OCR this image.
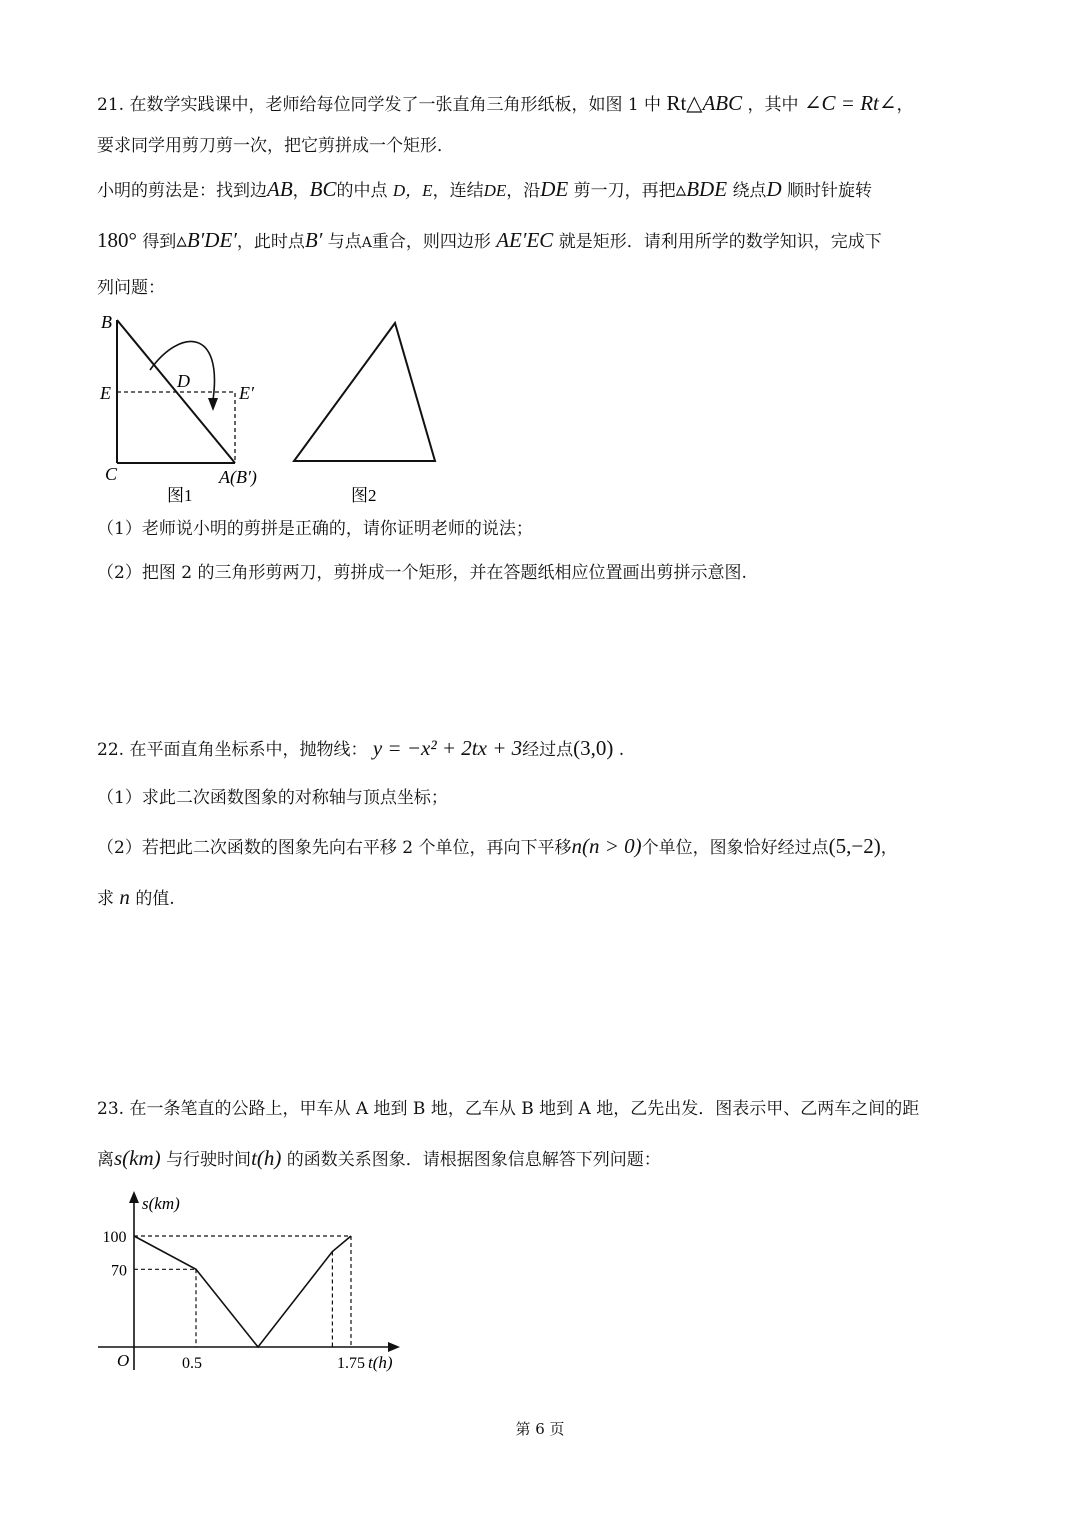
21. 在数学实践课中，老师给每位同学发了一张直角三角形纸板，如图 1 中 Rt△ABC ，其中 ∠C = Rt∠，
要求同学用剪刀剪一次，把它剪拼成一个矩形．
小明的剪法是：找到边AB，BC的中点 D，E，连结DE，沿DE 剪一刀，再把▵BDE 绕点D 顺时针旋转
180° 得到▵B′DE′，此时点B′ 与点A重合，则四边形 AE′EC 就是矩形．请利用所学的数学知识，完成下
列问题：
B
D
E	E′
C	A(B′)
图1	图2
（1）老师说小明的剪拼是正确的，请你证明老师的说法；
（2）把图 2 的三角形剪两刀，剪拼成一个矩形，并在答题纸相应位置画出剪拼示意图.
22. 在平面直角坐标系中，抛物线： y = −x² + 2tx + 3经过点(3,0) .
（1）求此二次函数图象的对称轴与顶点坐标；
（2）若把此二次函数的图象先向右平移 2 个单位，再向下平移n(n > 0)个单位，图象恰好经过点(5,−2)，
求 n 的值.
23. 在一条笔直的公路上，甲车从 A 地到 B 地，乙车从 B 地到 A 地，乙先出发．图表示甲、乙两车之间的距
离s(km) 与行驶时间t(h) 的函数关系图象．请根据图象信息解答下列问题：
s(km)
t(h)
O	0.5	1.75
100
70
第 6 页
